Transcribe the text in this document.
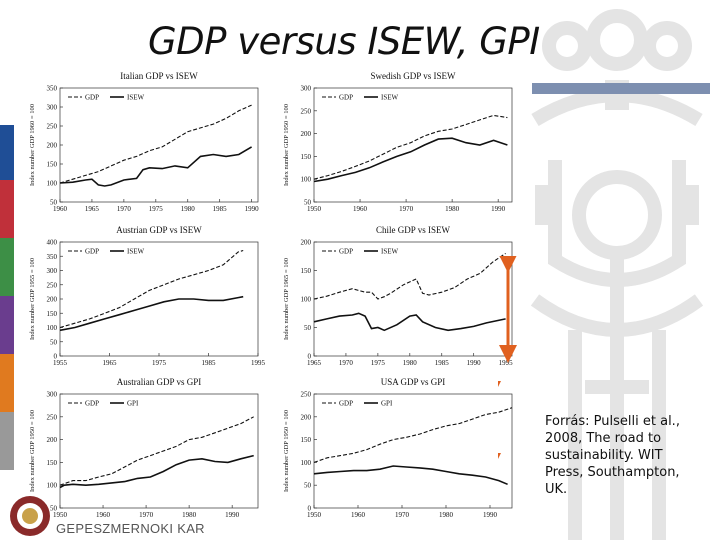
GDP versus ISEW, GPI
Italian GDP vs ISEW
Index number GDP 1960 = 100
50
100
150
200
250
300
350
1960	1965	1970	1975	1980	1985	1990
GDP	ISEW
Swedish GDP vs ISEW
Index number GDP 1950 = 100
50
100
150
200
250
300
1950	1960	1970	1980	1990
GDP	ISEW
Austrian GDP vs ISEW
Index number GDP 1955 = 100
0
50
100
150
200
250
300
350
400
1955	1965	1975	1985	1995
GDP	ISEW
Chile GDP vs ISEW
Index number GDP 1965 = 100
0
50
100
150
200
1965	1970	1975	1980	1985	1990	1995
GDP	ISEW
Australian GDP vs GPI
Index number GDP 1950 = 100
50
100
150
200
250
300
1950	1960	1970	1980	1990
GDP	GPI
USA GDP vs GPI
Index number GDP 1950 = 100
0
50
100
150
200
250
1950	1960	1970	1980	1990
GDP	GPI
Forrás: Pulselli et al., 2008, The road to sustainability. WIT Press, Southampton, UK.
GEPESZMERNOKI KAR
